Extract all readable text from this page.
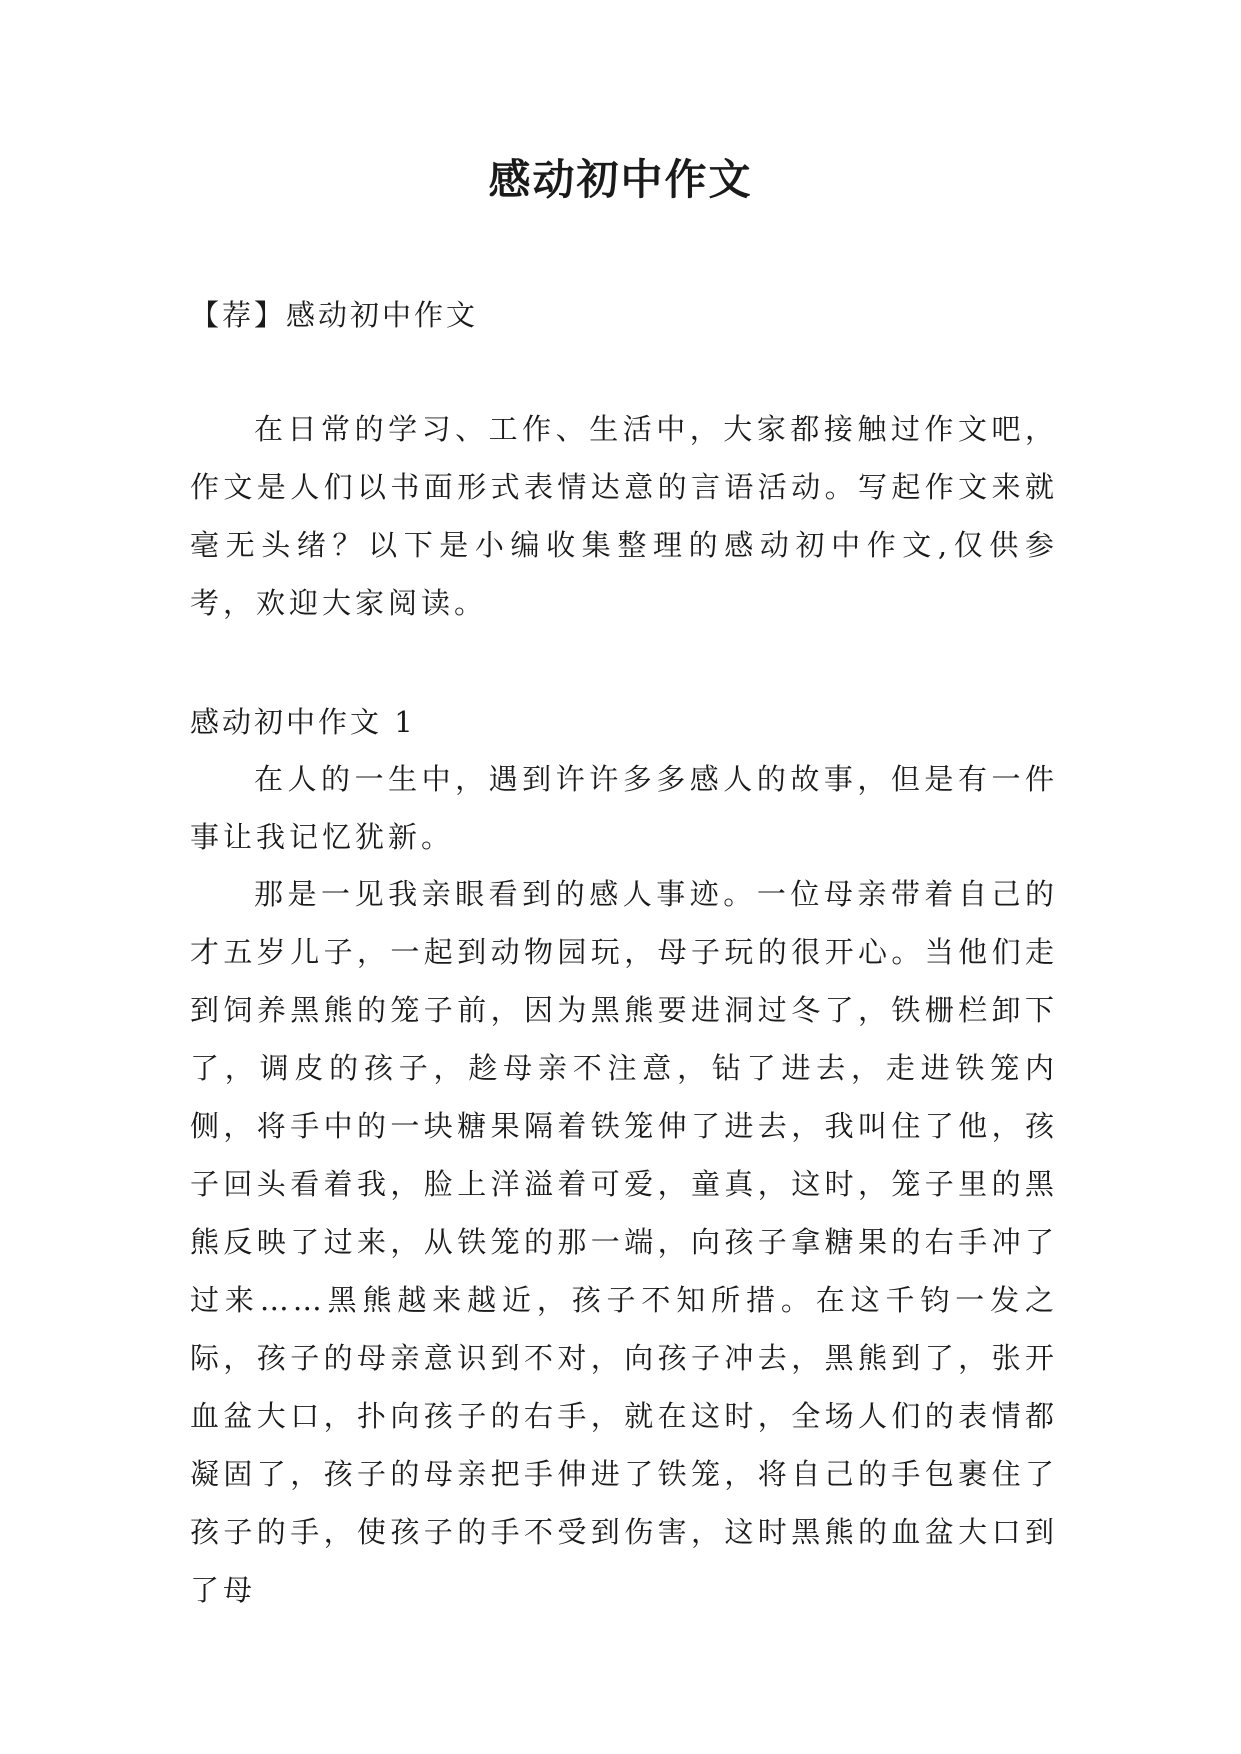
感动初中作文

【荐】感动初中作文

在日常的学习、工作、生活中，大家都接触过作文吧，作文是人们以书面形式表情达意的言语活动。写起作文来就毫无头绪？以下是小编收集整理的感动初中作文,仅供参考，欢迎大家阅读。

感动初中作文 1

在人的一生中，遇到许许多多感人的故事，但是有一件事让我记忆犹新。

那是一见我亲眼看到的感人事迹。一位母亲带着自己的才五岁儿子，一起到动物园玩，母子玩的很开心。当他们走到饲养黑熊的笼子前，因为黑熊要进洞过冬了，铁栅栏卸下了，调皮的孩子，趁母亲不注意，钻了进去，走进铁笼内侧，将手中的一块糖果隔着铁笼伸了进去，我叫住了他，孩子回头看着我，脸上洋溢着可爱，童真，这时，笼子里的黑熊反映了过来，从铁笼的那一端，向孩子拿糖果的右手冲了过来……黑熊越来越近，孩子不知所措。在这千钧一发之际，孩子的母亲意识到不对，向孩子冲去，黑熊到了，张开血盆大口，扑向孩子的右手，就在这时，全场人们的表情都凝固了，孩子的母亲把手伸进了铁笼，将自己的手包裹住了孩子的手，使孩子的手不受到伤害，这时黑熊的血盆大口到了母
